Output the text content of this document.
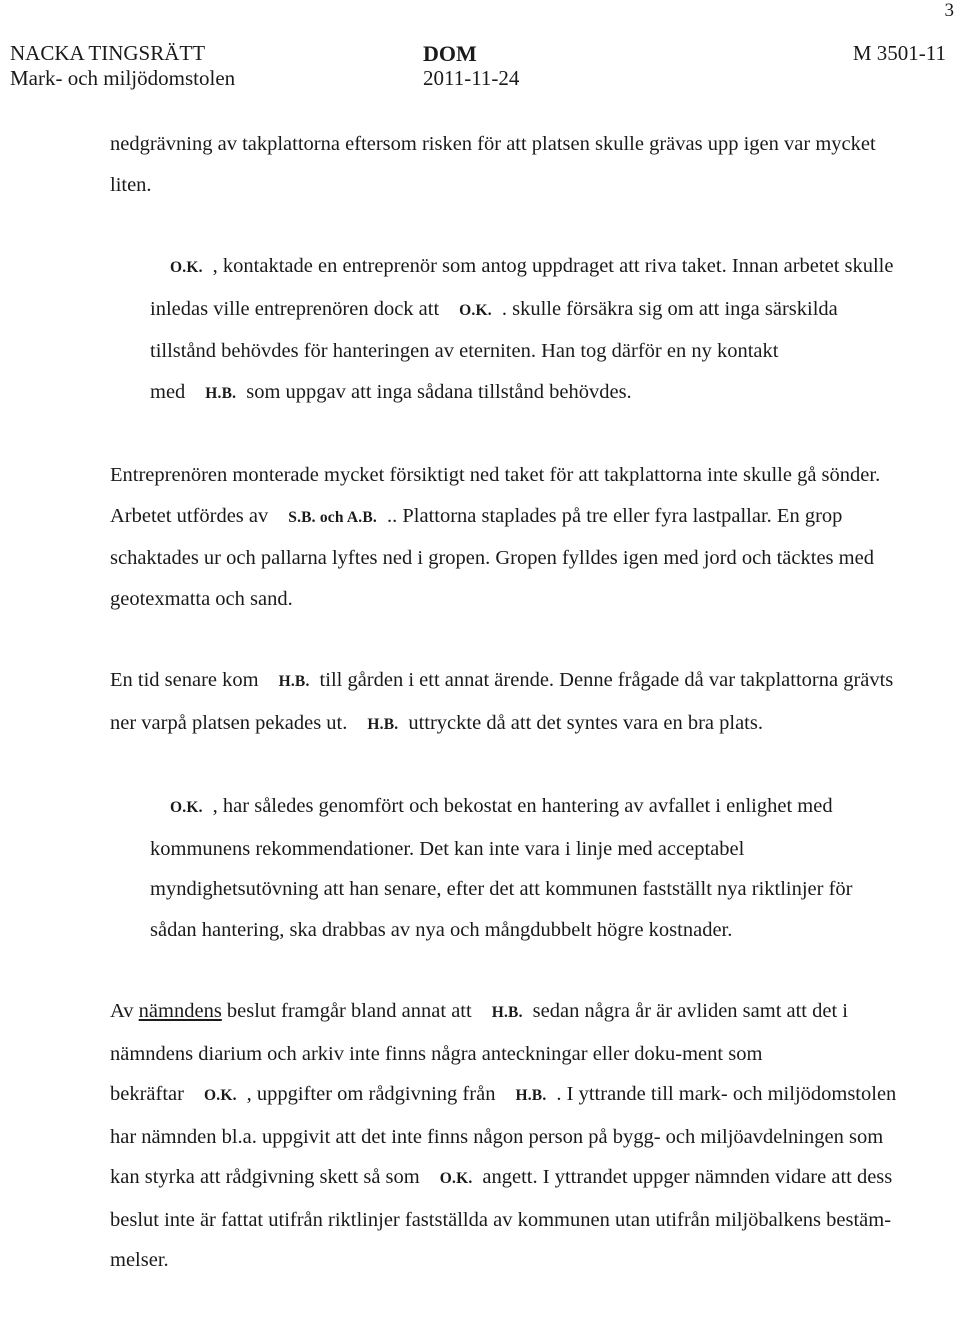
3
NACKA TINGSRÄTT
Mark- och miljödomstolen
DOM
2011-11-24
M 3501-11

nedgrävning av takplattorna eftersom risken för att platsen skulle grävas upp igen var mycket liten.

O.K. , kontaktade en entreprenör som antog uppdraget att riva taket. Innan arbetet skulle inledas ville entreprenören dock att O.K. . skulle försäkra sig om att inga särskilda tillstånd behövdes för hanteringen av eterniten. Han tog därför en ny kontakt med H.B. som uppgav att inga sådana tillstånd behövdes.

Entreprenören monterade mycket försiktigt ned taket för att takplattorna inte skulle gå sönder. Arbetet utfördes av S.B. och A.B. .. Plattorna staplades på tre eller fyra lastpallar. En grop schaktades ur och pallarna lyftes ned i gropen. Gropen fylldes igen med jord och täcktes med geotexmatta och sand.

En tid senare kom H.B. till gården i ett annat ärende. Denne frågade då var takplattorna grävts ner varpå platsen pekades ut. H.B. uttryckte då att det syntes vara en bra plats.

O.K. , har således genomfört och bekostat en hantering av avfallet i enlighet med kommunens rekommendationer. Det kan inte vara i linje med acceptabel myndighetsutövning att han senare, efter det att kommunen fastställt nya riktlinjer för sådan hantering, ska drabbas av nya och mångdubbelt högre kostnader.

Av nämndens beslut framgår bland annat att H.B. sedan några år är avliden samt att det i nämndens diarium och arkiv inte finns några anteckningar eller doku-ment som bekräftar O.K. , uppgifter om rådgivning från H.B. . I yttrande till mark- och miljödomstolen har nämnden bl.a. uppgivit att det inte finns någon person på bygg- och miljöavdelningen som kan styrka att rådgivning skett så som O.K. angett. I yttrandet uppger nämnden vidare att dess beslut inte är fattat utifrån riktlinjer fastställda av kommunen utan utifrån miljöbalkens bestäm-melser.
